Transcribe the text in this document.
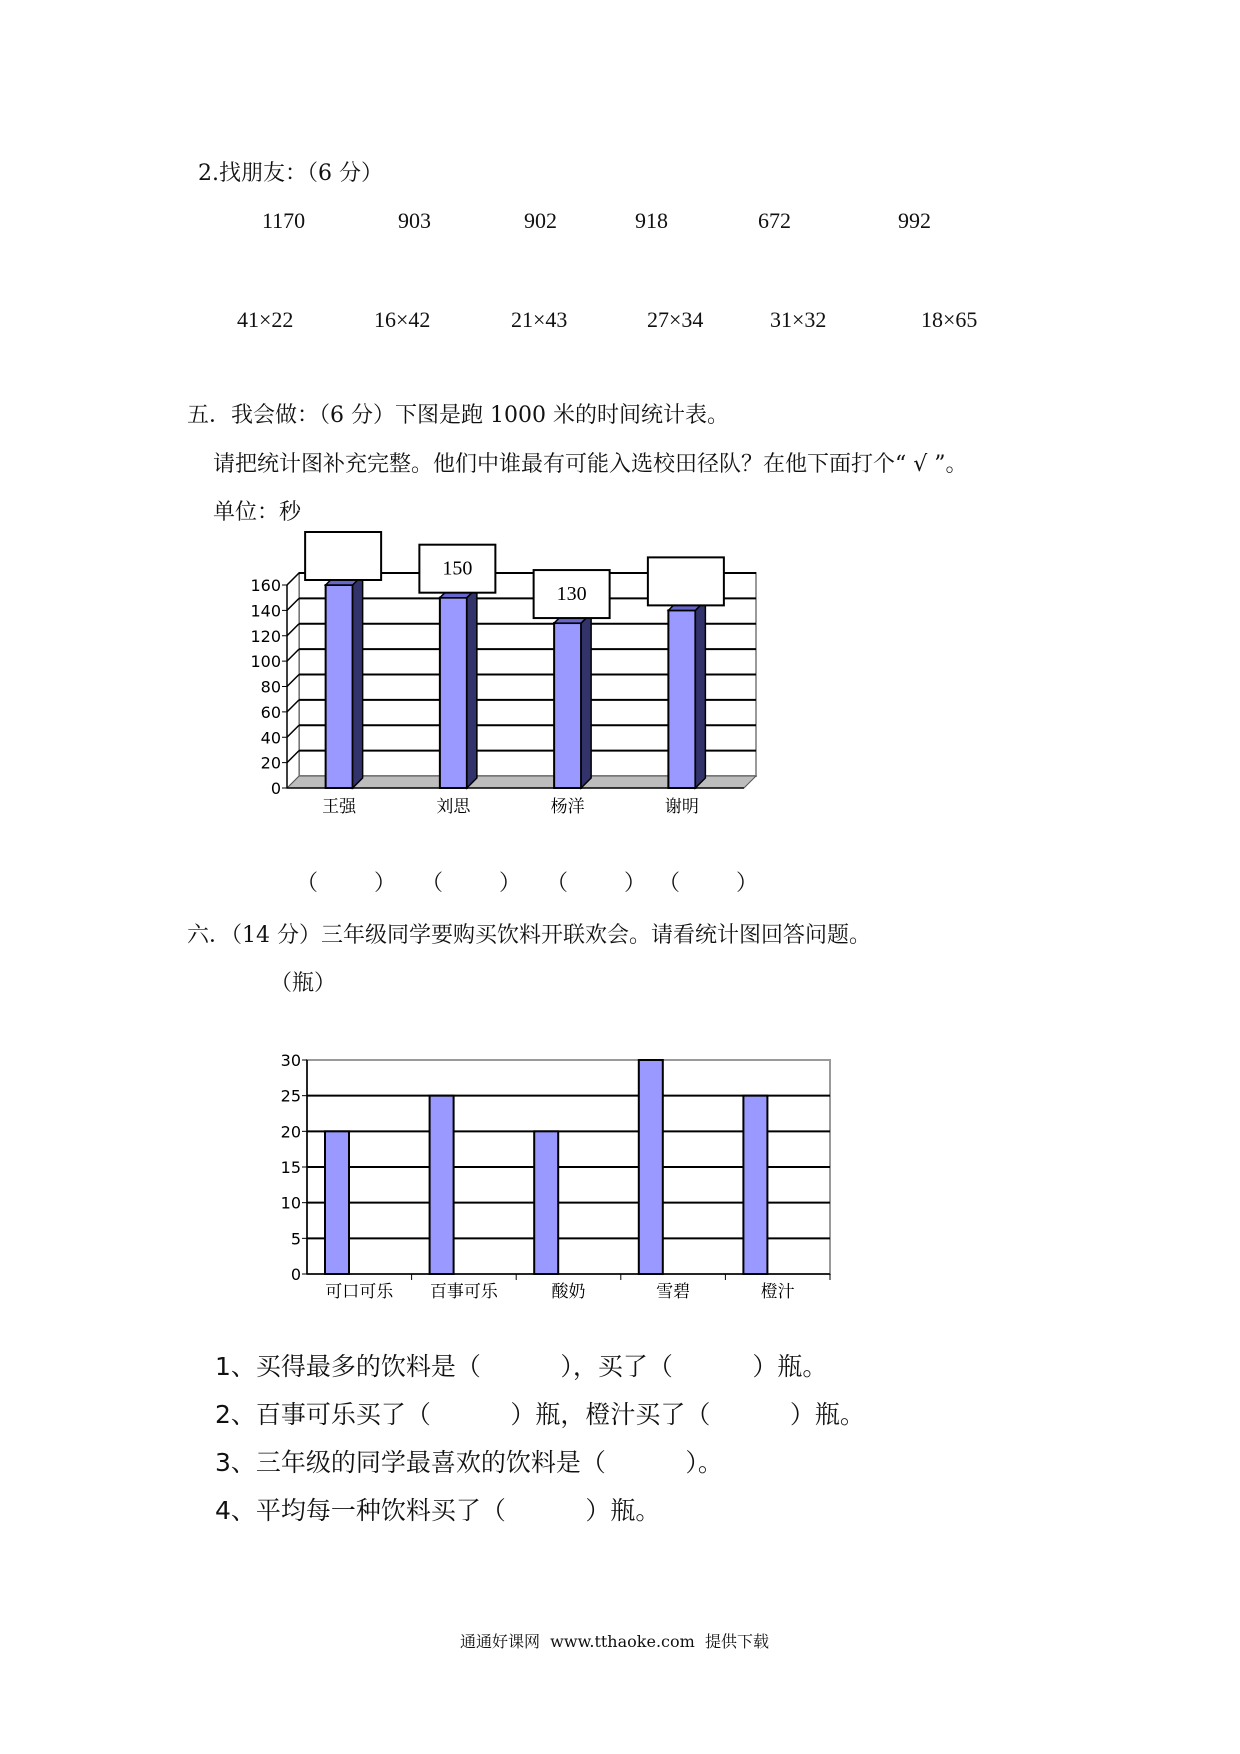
2.找朋友：（6 分）
1170	903	902	918	672	992
41×22	16×42	21×43	27×34	31×32	18×65
五．我会做：（6 分）下图是跑 1000 米的时间统计表。
请把统计图补充完整。他们中谁最有可能入选校田径队？在他下面打个“ √ ”。
单位：秒
0
20
40
60
80
100
120
140
160
王强	刘思
150
杨洋
130
谢明
（        ） （        ） （        ） （        ）
六．（14 分）三年级同学要购买饮料开联欢会。请看统计图回答问题。
（瓶）
0
5
10
15
20
25
30
可口可乐 百事可乐	酸奶	雪碧	橙汁
1、买得最多的饮料是（          ），买了（          ）瓶。
2、百事可乐买了（          ）瓶，橙汁买了（          ）瓶。
3、三年级的同学最喜欢的饮料是（          ）。
4、平均每一种饮料买了（          ）瓶。
通通好课网  www.tthaoke.com  提供下载
